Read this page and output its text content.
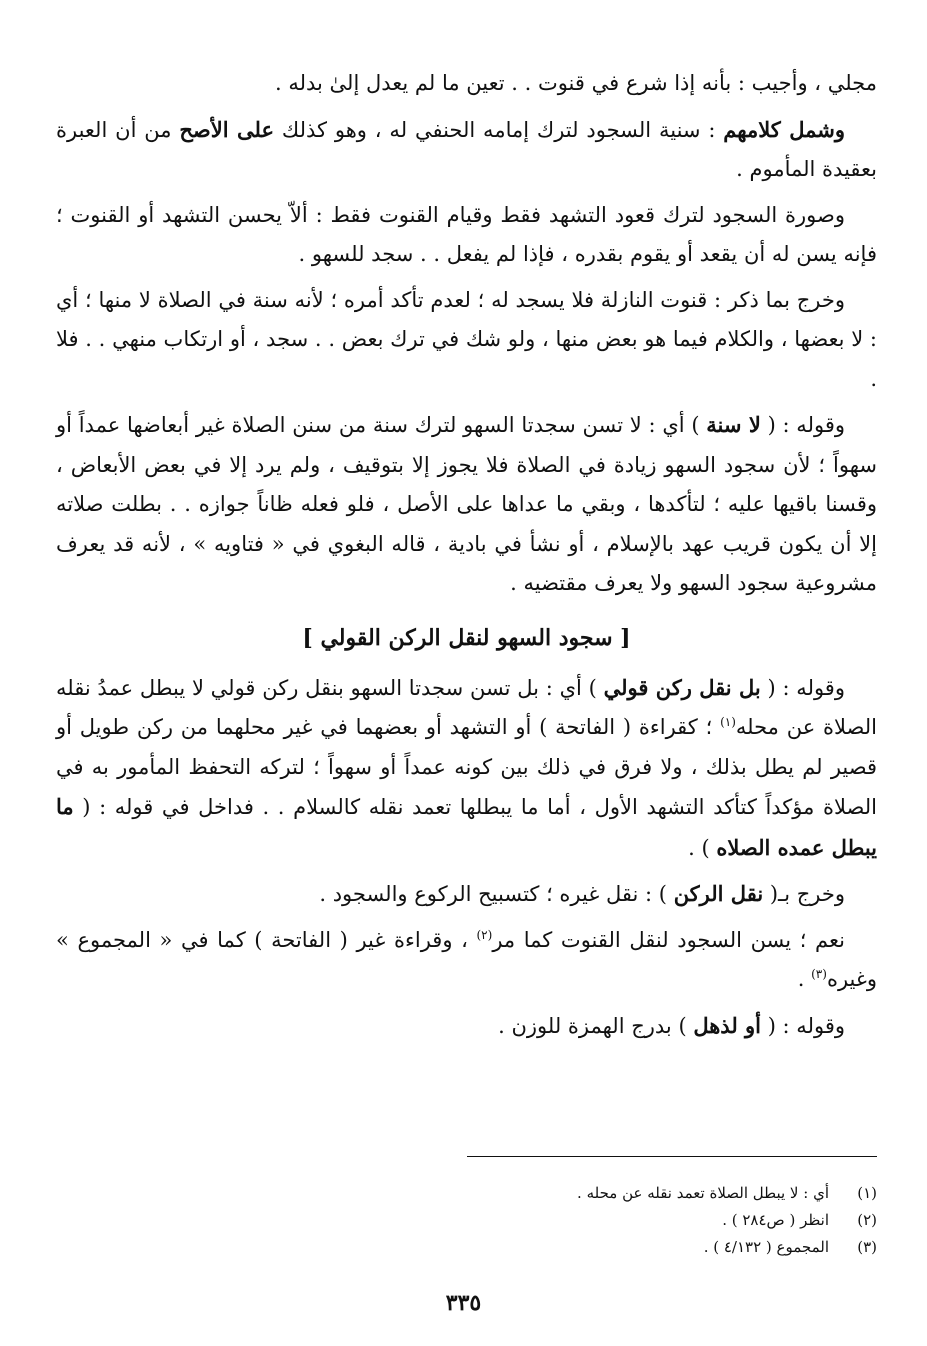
مجلي ، وأجيب : بأنه إذا شرع في قنوت . . تعين ما لم يعدل إلىٰ بدله .

وشمل كلامهم : سنية السجود لترك إمامه الحنفي له ، وهو كذلك على الأصح من أن العبرة بعقيدة المأموم .

وصورة السجود لترك قعود التشهد فقط وقيام القنوت فقط : ألاّ يحسن التشهد أو القنوت ؛ فإنه يسن له أن يقعد أو يقوم بقدره ، فإذا لم يفعل . . سجد للسهو .

وخرج بما ذكر : قنوت النازلة فلا يسجد له ؛ لعدم تأكد أمره ؛ لأنه سنة في الصلاة لا منها ؛ أي : لا بعضها ، والكلام فيما هو بعض منها ، ولو شك في ترك بعض . . سجد ، أو ارتكاب منهي . . فلا .

وقوله : ( لا سنة ) أي : لا تسن سجدتا السهو لترك سنة من سنن الصلاة غير أبعاضها عمداً أو سهواً ؛ لأن سجود السهو زيادة في الصلاة فلا يجوز إلا بتوقيف ، ولم يرد إلا في بعض الأبعاض ، وقسنا باقيها عليه ؛ لتأكدها ، وبقي ما عداها على الأصل ، فلو فعله ظاناً جوازه . . بطلت صلاته إلا أن يكون قريب عهد بالإسلام ، أو نشأ في بادية ، قاله البغوي في « فتاويه » ، لأنه قد يعرف مشروعية سجود السهو ولا يعرف مقتضيه .

[ سجود السهو لنقل الركن القولي ]

وقوله : ( بل نقل ركن قولي ) أي : بل تسن سجدتا السهو بنقل ركن قولي لا يبطل عمدُ نقله الصلاة عن محله$^{(١)}$ ؛ كقراءة ( الفاتحة ) أو التشهد أو بعضهما في غير محلهما من ركن طويل أو قصير لم يطل بذلك ، ولا فرق في ذلك بين كونه عمداً أو سهواً ؛ لتركه التحفظ المأمور به في الصلاة مؤكداً كتأكد التشهد الأول ، أما ما يبطلها تعمد نقله كالسلام . . فداخل في قوله : ( ما يبطل عمده الصلاه ) .

وخرج بـ( نقل الركن ) : نقل غيره ؛ كتسبيح الركوع والسجود .

نعم ؛ يسن السجود لنقل القنوت كما مر$^{(٢)}$ ، وقراءة غير ( الفاتحة ) كما في « المجموع » وغيره$^{(٣)}$ .

وقوله : ( أو لذهل ) بدرج الهمزة للوزن .

(١)
أي : لا يبطل الصلاة تعمد نقله عن محله .
(٢)
انظر ( ص٢٨٤ ) .
(٣)
المجموع ( ٤/١٣٢ ) .
٣٣٥
